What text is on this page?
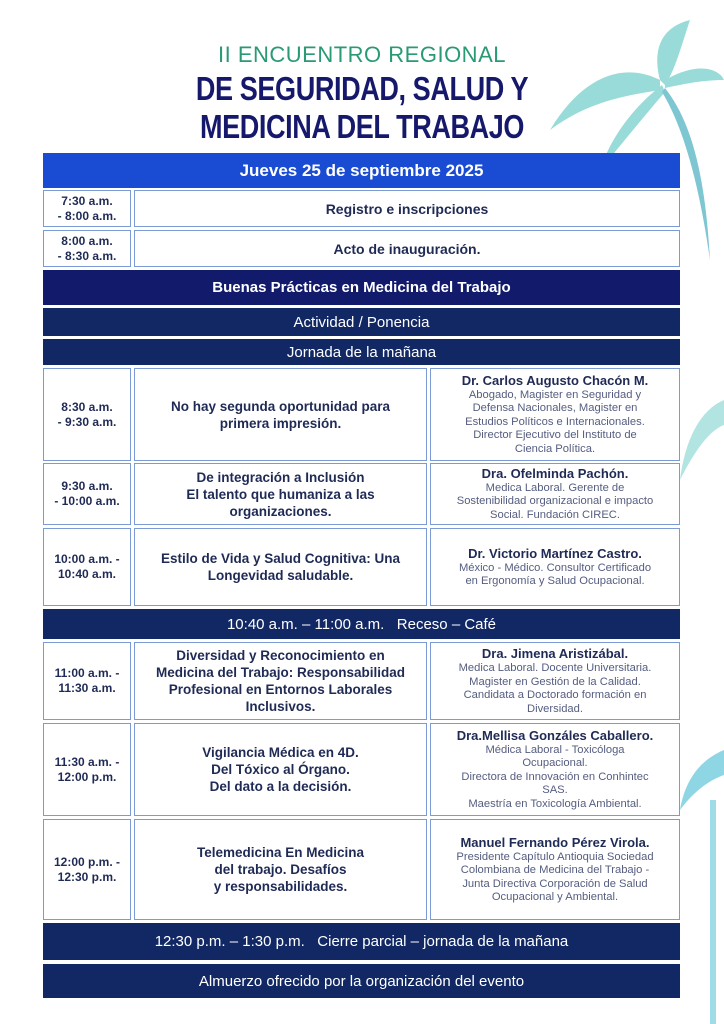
II ENCUENTRO REGIONAL
DE SEGURIDAD, SALUD Y
MEDICINA DEL TRABAJO
Jueves 25 de septiembre 2025
7:30 a.m.
- 8:00 a.m.	Registro e inscripciones
8:00 a.m.
- 8:30 a.m.	Acto de inauguración.
Buenas Prácticas en Medicina del Trabajo
Actividad / Ponencia
Jornada de la mañana
8:30 a.m.
- 9:30 a.m.
No hay segunda oportunidad para
primera impresión.
Dr. Carlos Augusto Chacón M.
Abogado, Magister en Seguridad y
Defensa Nacionales, Magister en
Estudios Políticos e Internacionales.
Director Ejecutivo del Instituto de
Ciencia Política.
9:30 a.m.
- 10:00 a.m.
De integración a Inclusión
El talento que humaniza a las
organizaciones.
Dra. Ofelminda Pachón.
Medica Laboral. Gerente de
Sostenibilidad organizacional e impacto
Social. Fundación CIREC.
10:00 a.m. -
10:40 a.m.
Estilo de Vida y Salud Cognitiva: Una
Longevidad saludable.
Dr. Victorio Martínez Castro.
México - Médico. Consultor Certificado
en Ergonomía y Salud Ocupacional.
10:40 a.m. – 11:00 a.m.   Receso – Café
11:00 a.m. -
11:30 a.m.
Diversidad y Reconocimiento en
Medicina del Trabajo: Responsabilidad
Profesional en Entornos Laborales
Inclusivos.
Dra. Jimena Aristizábal.
Medica Laboral. Docente Universitaria.
Magister en Gestión de la Calidad.
Candidata a Doctorado formación en
Diversidad.
11:30 a.m. -
12:00 p.m.
Vigilancia Médica en 4D.
Del Tóxico al Órgano.
Del dato a la decisión.
Dra.Mellisa Gonzáles Caballero.
Médica Laboral - Toxicóloga
Ocupacional.
Directora de Innovación en Conhintec
SAS.
Maestría en Toxicología Ambiental.
12:00 p.m. -
12:30 p.m.
Telemedicina En Medicina
del trabajo. Desafíos
y responsabilidades.
Manuel Fernando Pérez Virola.
Presidente Capítulo Antioquia Sociedad
Colombiana de Medicina del Trabajo -
Junta Directiva Corporación de Salud
Ocupacional y Ambiental.
12:30 p.m. – 1:30 p.m.   Cierre parcial – jornada de la mañana
Almuerzo ofrecido por la organización del evento
